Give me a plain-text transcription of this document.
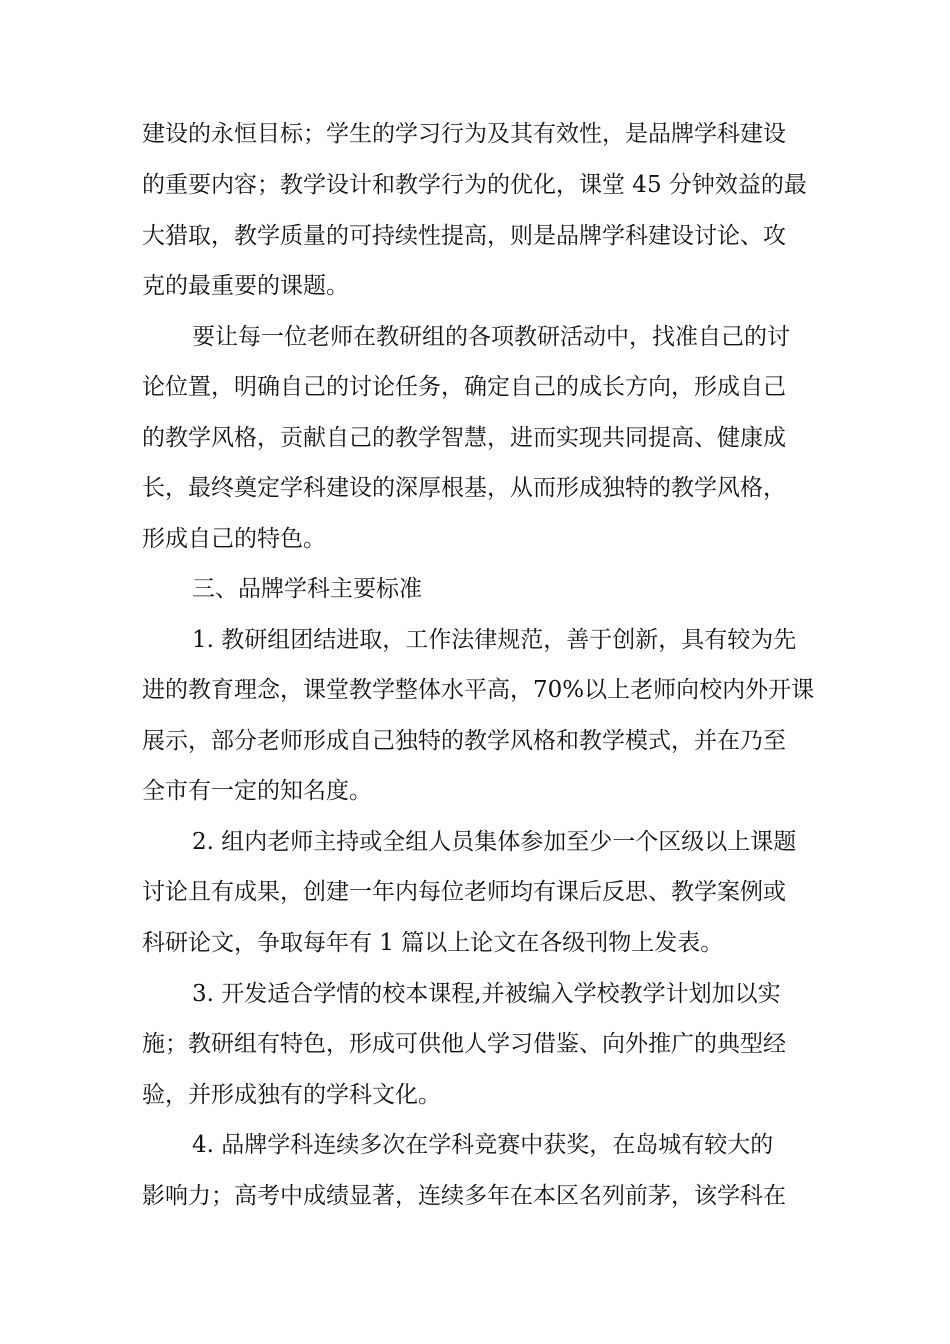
建设的永恒目标；学生的学习行为及其有效性，是品牌学科建设
的重要内容；教学设计和教学行为的优化，课堂 45 分钟效益的最
大猎取，教学质量的可持续性提高，则是品牌学科建设讨论、攻
克的最重要的课题。
要让每一位老师在教研组的各项教研活动中，找准自己的讨
论位置，明确自己的讨论任务，确定自己的成长方向，形成自己
的教学风格，贡献自己的教学智慧，进而实现共同提高、健康成
长，最终奠定学科建设的深厚根基，从而形成独特的教学风格，
形成自己的特色。
三、品牌学科主要标准
1. 教研组团结进取，工作法律规范，善于创新，具有较为先
进的教育理念，课堂教学整体水平高，70%以上老师向校内外开课
展示，部分老师形成自己独特的教学风格和教学模式，并在乃至
全市有一定的知名度。
2. 组内老师主持或全组人员集体参加至少一个区级以上课题
讨论且有成果，创建一年内每位老师均有课后反思、教学案例或
科研论文，争取每年有 1 篇以上论文在各级刊物上发表。
3. 开发适合学情的校本课程,并被编入学校教学计划加以实
施；教研组有特色，形成可供他人学习借鉴、向外推广的典型经
验，并形成独有的学科文化。
4. 品牌学科连续多次在学科竞赛中获奖，在岛城有较大的
影响力；高考中成绩显著，连续多年在本区名列前茅，该学科在
